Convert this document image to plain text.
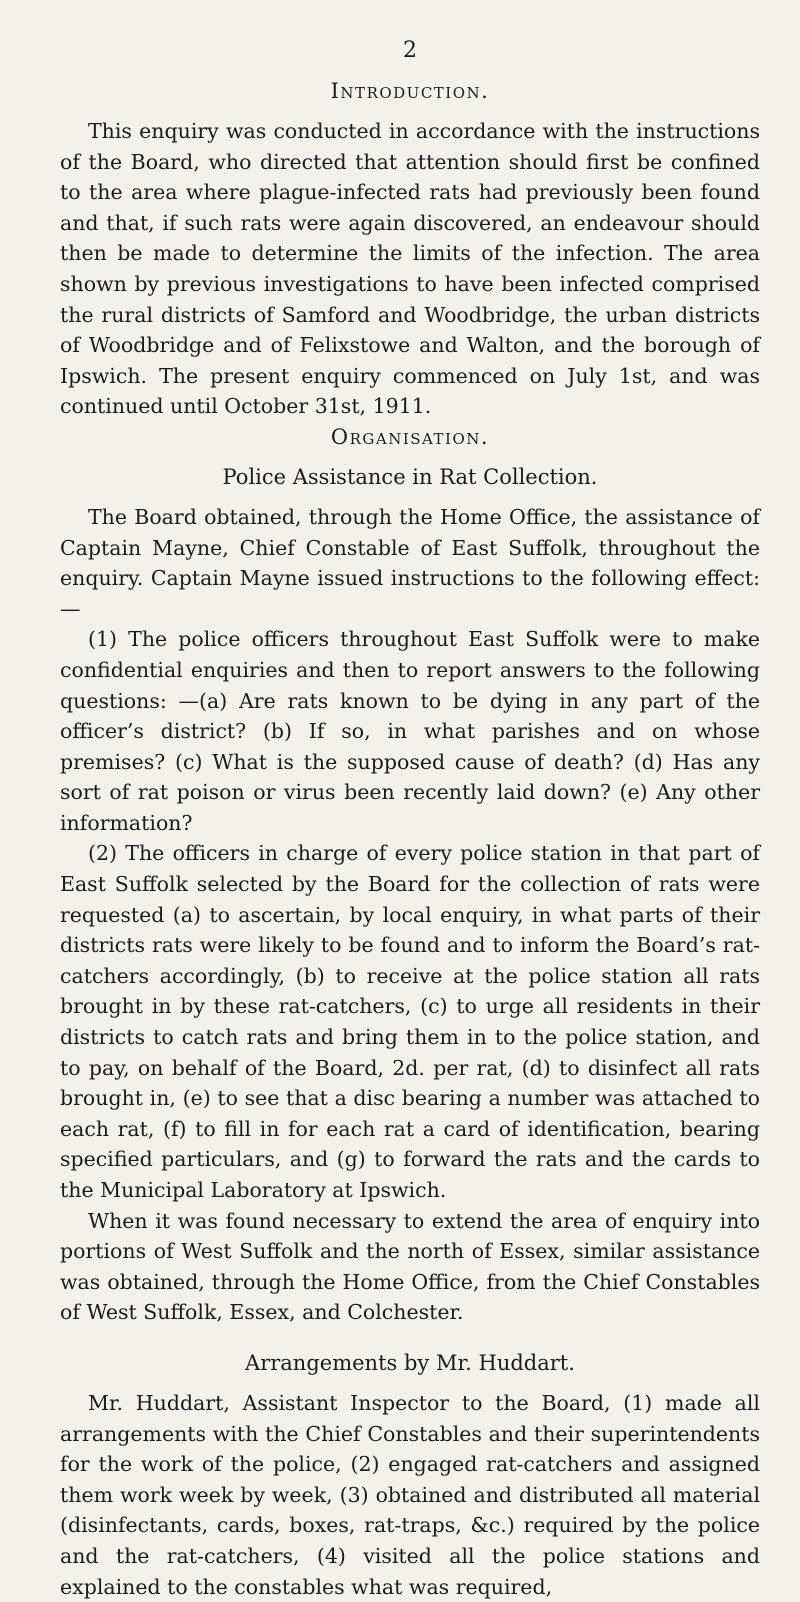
2
Introduction.

This enquiry was conducted in accordance with the instructions of the Board, who directed that attention should first be confined to the area where plague-infected rats had previously been found and that, if such rats were again discovered, an endeavour should then be made to determine the limits of the infection. The area shown by previous investigations to have been infected comprised the rural districts of Samford and Woodbridge, the urban districts of Woodbridge and of Felixstowe and Walton, and the borough of Ipswich. The present enquiry commenced on July 1st, and was continued until October 31st, 1911.

Organisation.
Police Assistance in Rat Collection.

The Board obtained, through the Home Office, the assistance of Captain Mayne, Chief Constable of East Suffolk, throughout the enquiry. Captain Mayne issued instructions to the following effect: —

(1) The police officers throughout East Suffolk were to make confidential enquiries and then to report answers to the following questions: —(a) Are rats known to be dying in any part of the officer’s district? (b) If so, in what parishes and on whose premises? (c) What is the supposed cause of death? (d) Has any sort of rat poison or virus been recently laid down? (e) Any other information?

(2) The officers in charge of every police station in that part of East Suffolk selected by the Board for the collection of rats were requested (a) to ascertain, by local enquiry, in what parts of their districts rats were likely to be found and to inform the Board’s rat-catchers accordingly, (b) to receive at the police station all rats brought in by these rat-catchers, (c) to urge all residents in their districts to catch rats and bring them in to the police station, and to pay, on behalf of the Board, 2d. per rat, (d) to disinfect all rats brought in, (e) to see that a disc bearing a number was attached to each rat, (f) to fill in for each rat a card of identification, bearing specified particulars, and (g) to forward the rats and the cards to the Municipal Laboratory at Ipswich.

When it was found necessary to extend the area of enquiry into portions of West Suffolk and the north of Essex, similar assistance was obtained, through the Home Office, from the Chief Constables of West Suffolk, Essex, and Colchester.

Arrangements by Mr. Huddart.

Mr. Huddart, Assistant Inspector to the Board, (1) made all arrangements with the Chief Constables and their superintendents for the work of the police, (2) engaged rat-catchers and assigned them work week by week, (3) obtained and distributed all material (disinfectants, cards, boxes, rat-traps, &c.) required by the police and the rat-catchers, (4) visited all the police stations and explained to the constables what was required,
